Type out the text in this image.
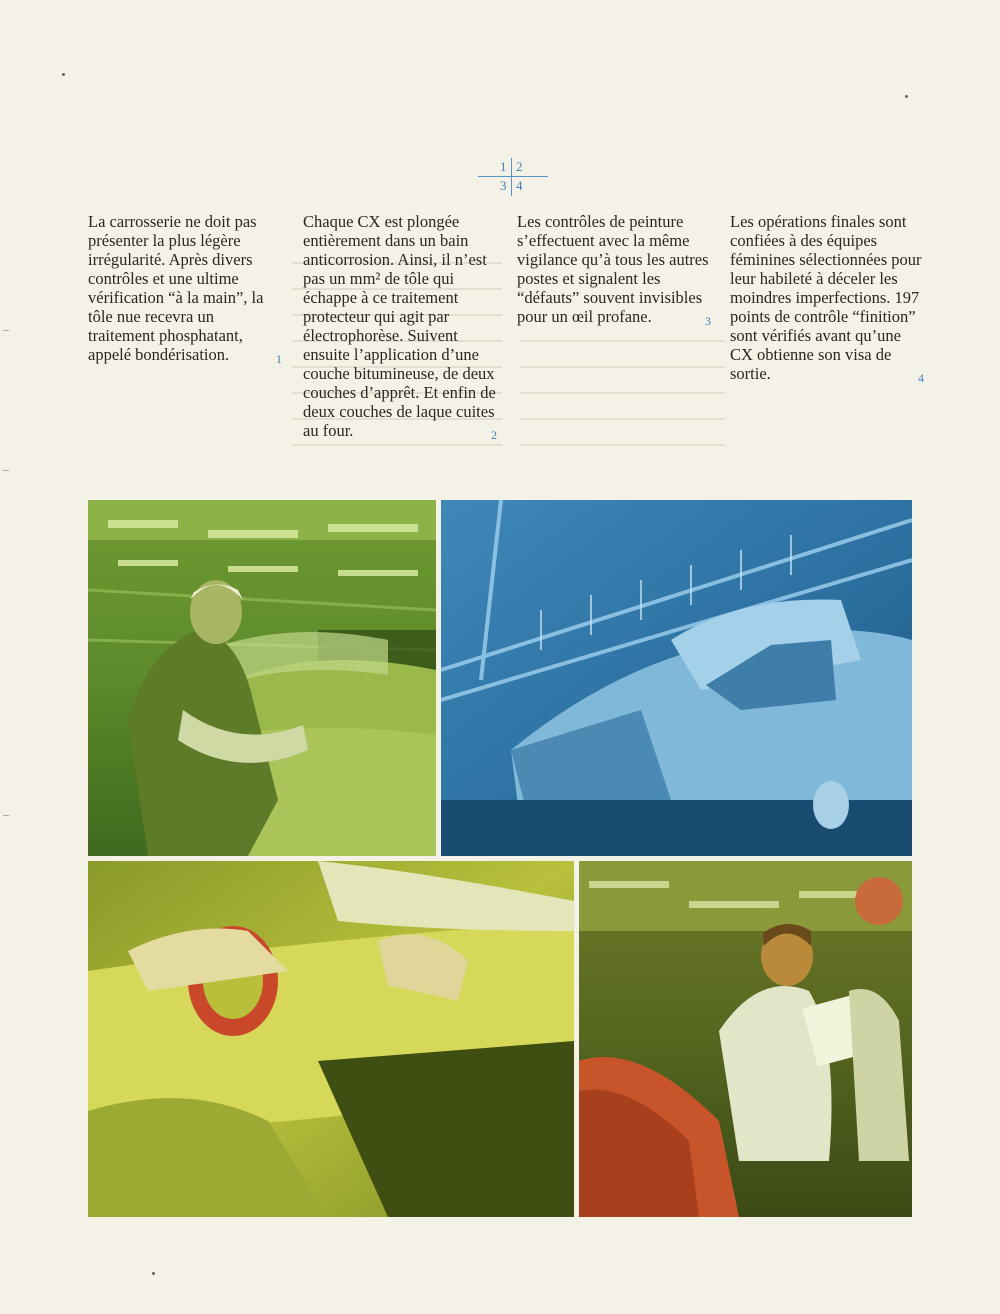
1 2
3 4

La carrosserie ne doit pas présenter la plus légère irrégularité. Après divers contrôles et une ultime vérification “à la main”, la tôle nue recevra un traitement phosphatant, appelé bondérisation.	1

Chaque CX est plongée entièrement dans un bain anticorrosion. Ainsi, il n’est pas un mm² de tôle qui échappe à ce traitement protecteur qui agit par électrophorèse. Suivent ensuite l’application d’une couche bitumineuse, de deux couches d’apprêt. Et enfin de deux couches de laque cuites au four.	2

Les contrôles de peinture s’effectuent avec la même vigilance qu’à tous les autres postes et signalent les “défauts” souvent invisibles pour un œil profane.	3

Les opérations finales sont confiées à des équipes féminines sélectionnées pour leur habileté à déceler les moindres imperfections. 197 points de contrôle “finition” sont vérifiés avant qu’une CX obtienne son visa de sortie.	4
